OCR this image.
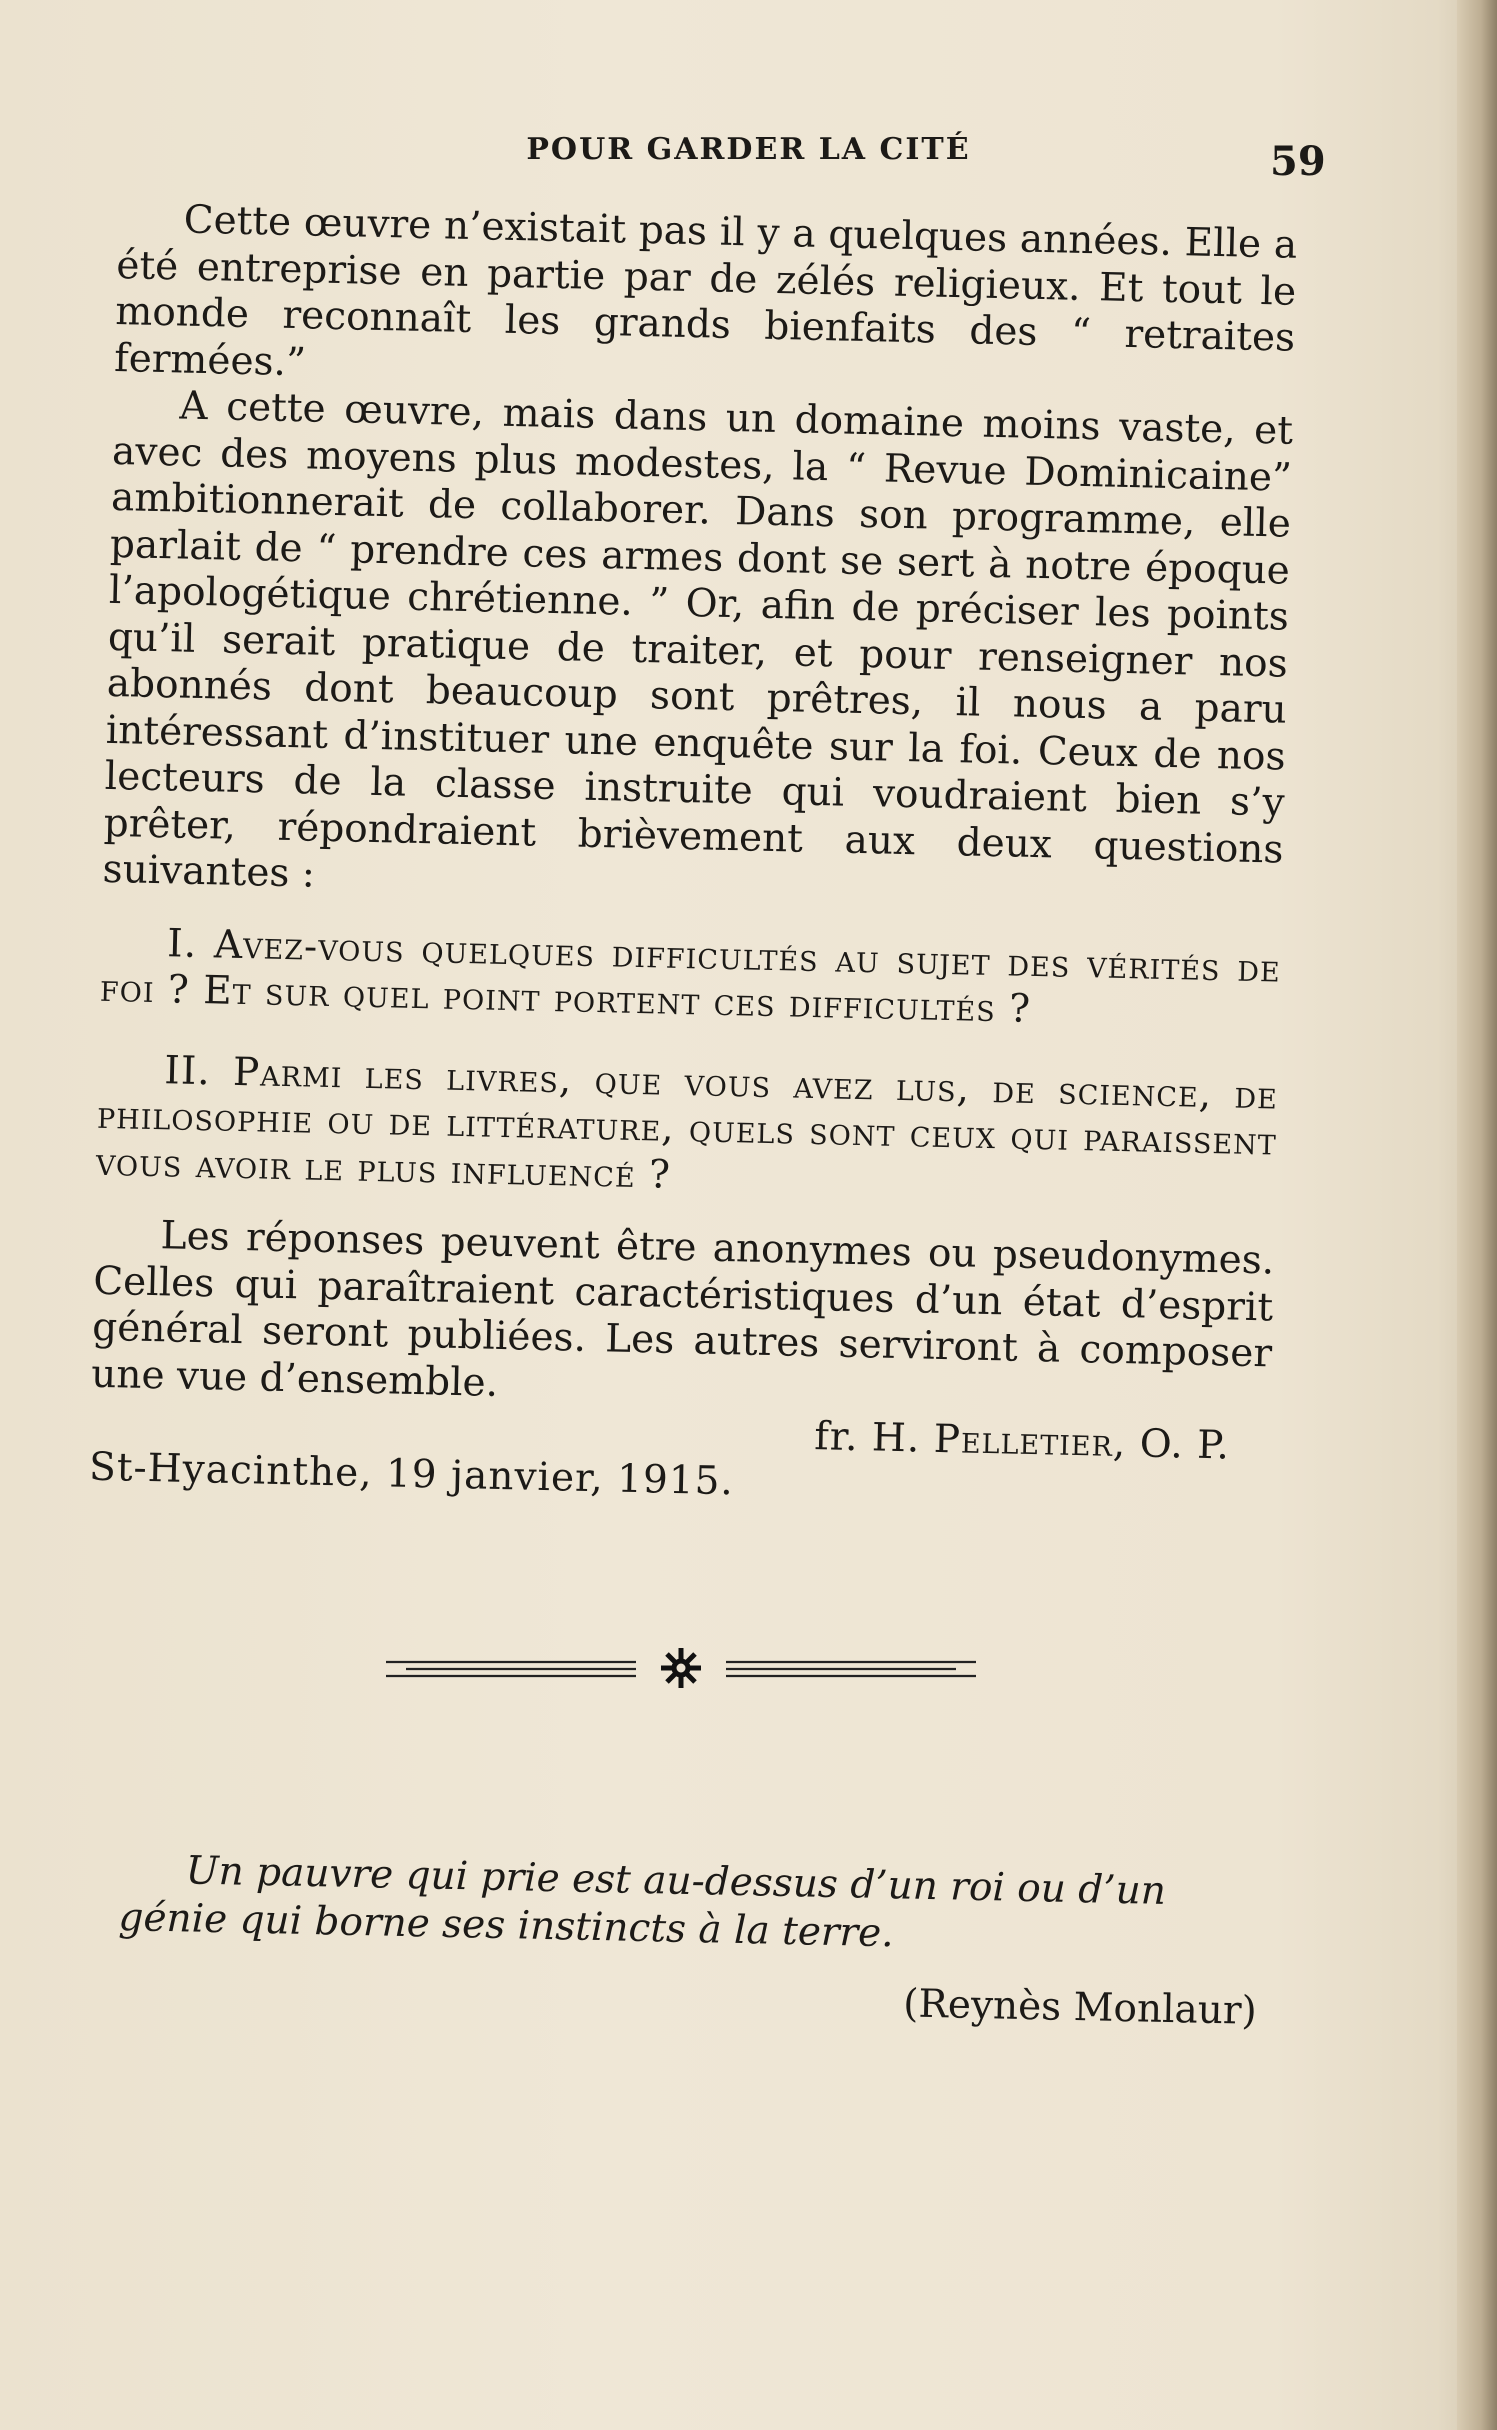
POUR GARDER LA CITÉ	59

Cette œuvre n’existait pas il y a quelques années. Elle a été entreprise en partie par de zélés religieux. Et tout le monde reconnaît les grands bienfaits des “ retraites fermées.”

A cette œuvre, mais dans un domaine moins vaste, et avec des moyens plus modestes, la “ Revue Dominicaine” ambitionnerait de collaborer. Dans son programme, elle parlait de “ prendre ces armes dont se sert à notre époque l’apologétique chrétienne. ” Or, afin de préciser les points qu’il serait pratique de traiter, et pour renseigner nos abonnés dont beaucoup sont prêtres, il nous a paru intéressant d’instituer une enquête sur la foi. Ceux de nos lecteurs de la classe instruite qui voudraient bien s’y prêter, répondraient brièvement aux deux questions suivantes :

I. Avez-vous quelques difficultés au sujet des vérités de foi ? Et sur quel point portent ces difficultés ?

II. Parmi les livres, que vous avez lus, de science, de philosophie ou de littérature, quels sont ceux qui paraissent vous avoir le plus influencé ?

Les réponses peuvent être anonymes ou pseudonymes. Celles qui paraîtraient caractéristiques d’un état d’esprit général seront publiées. Les autres serviront à composer une vue d’ensemble.

fr. H. Pelletier, O. P.

St-Hyacinthe, 19 janvier, 1915.

Un pauvre qui prie est au-dessus d’un roi ou d’un génie qui borne ses instincts à la terre.

(Reynès Monlaur)
